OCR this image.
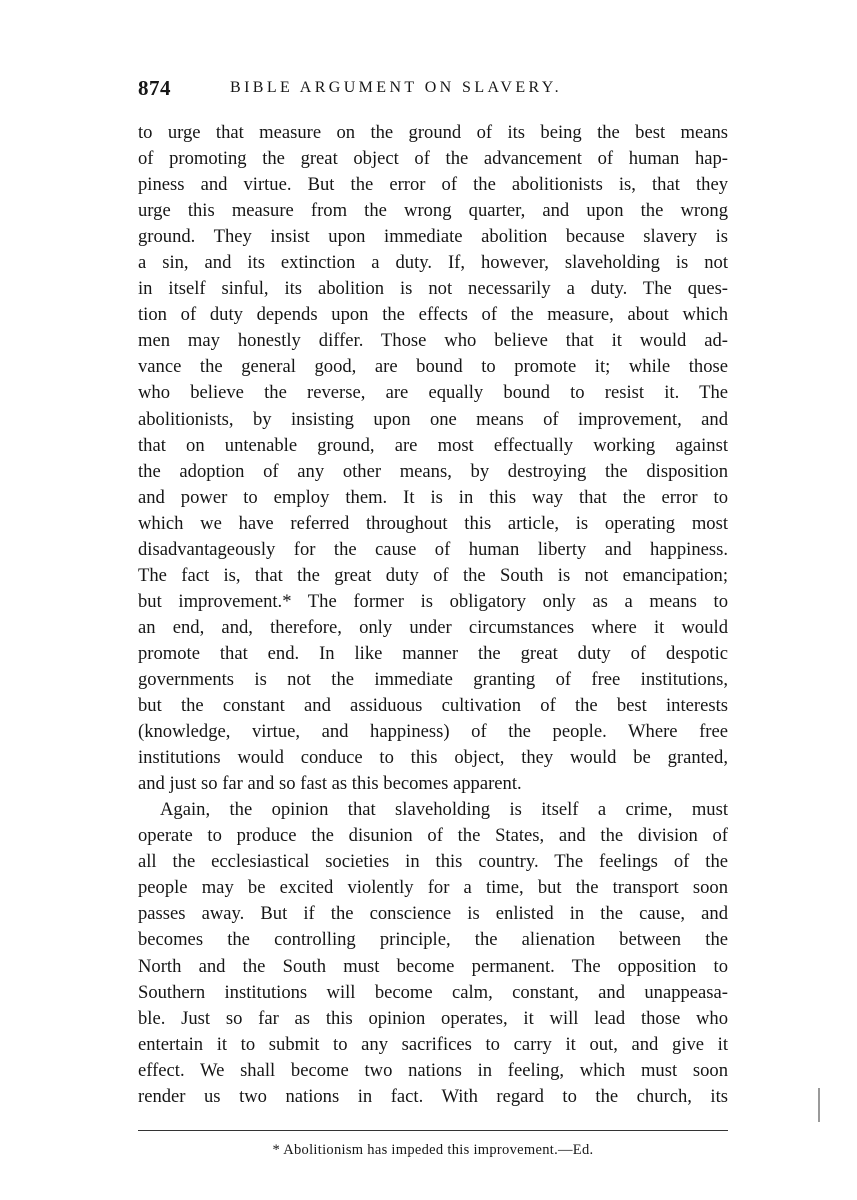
874	BIBLE ARGUMENT ON SLAVERY.
to urge that measure on the ground of its being the best means
of promoting the great object of the advancement of human hap-
piness and virtue. But the error of the abolitionists is, that they
urge this measure from the wrong quarter, and upon the wrong
ground. They insist upon immediate abolition because slavery is
a sin, and its extinction a duty. If, however, slaveholding is not
in itself sinful, its abolition is not necessarily a duty. The ques-
tion of duty depends upon the effects of the measure, about which
men may honestly differ. Those who believe that it would ad-
vance the general good, are bound to promote it; while those
who believe the reverse, are equally bound to resist it. The
abolitionists, by insisting upon one means of improvement, and
that on untenable ground, are most effectually working against
the adoption of any other means, by destroying the disposition
and power to employ them. It is in this way that the error to
which we have referred throughout this article, is operating most
disadvantageously for the cause of human liberty and happiness.
The fact is, that the great duty of the South is not emancipation;
but improvement.* The former is obligatory only as a means to
an end, and, therefore, only under circumstances where it would
promote that end. In like manner the great duty of despotic
governments is not the immediate granting of free institutions,
but the constant and assiduous cultivation of the best interests
(knowledge, virtue, and happiness) of the people. Where free
institutions would conduce to this object, they would be granted,
and just so far and so fast as this becomes apparent.
Again, the opinion that slaveholding is itself a crime, must
operate to produce the disunion of the States, and the division of
all the ecclesiastical societies in this country. The feelings of the
people may be excited violently for a time, but the transport soon
passes away. But if the conscience is enlisted in the cause, and
becomes the controlling principle, the alienation between the
North and the South must become permanent. The opposition to
Southern institutions will become calm, constant, and unappeasa-
ble. Just so far as this opinion operates, it will lead those who
entertain it to submit to any sacrifices to carry it out, and give it
effect. We shall become two nations in feeling, which must soon
render us two nations in fact. With regard to the church, its
* Abolitionism has impeded this improvement.—Ed.
